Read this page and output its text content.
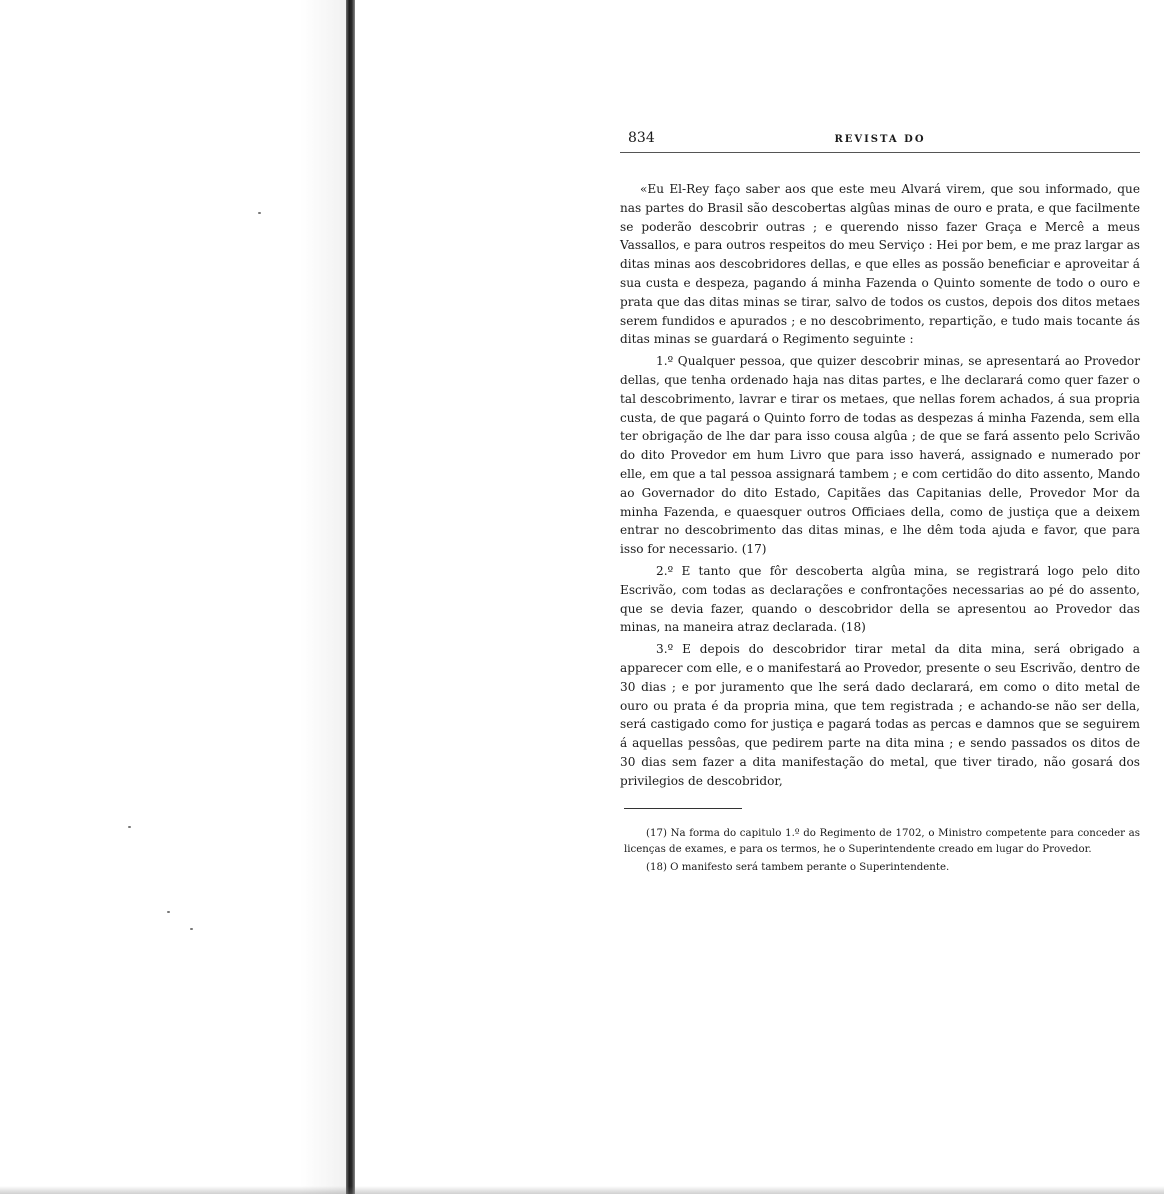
834	REVISTA DO

«Eu El-Rey faço saber aos que este meu Alvará virem, que sou informado, que nas partes do Brasil são descobertas algûas minas de ouro e prata, e que facilmente se poderão descobrir outras ; e querendo nisso fazer Graça e Mercê a meus Vassallos, e para outros respeitos do meu Serviço : Hei por bem, e me praz largar as ditas minas aos descobridores dellas, e que elles as possão beneficiar e aproveitar á sua custa e despeza, pagando á minha Fazenda o Quinto somente de todo o ouro e prata que das ditas minas se tirar, salvo de todos os custos, depois dos ditos metaes serem fundidos e apurados ; e no descobrimento, repartição, e tudo mais tocante ás ditas minas se guardará o Regimento seguinte :

1.º Qualquer pessoa, que quizer descobrir minas, se apresentará ao Provedor dellas, que tenha ordenado haja nas ditas partes, e lhe declarará como quer fazer o tal descobrimento, lavrar e tirar os metaes, que nellas forem achados, á sua propria custa, de que pagará o Quinto forro de todas as despezas á minha Fazenda, sem ella ter obrigação de lhe dar para isso cousa algûa ; de que se fará assento pelo Scrivão do dito Provedor em hum Livro que para isso haverá, assignado e numerado por elle, em que a tal pessoa assignará tambem ; e com certidão do dito assento, Mando ao Governador do dito Estado, Capitães das Capitanias delle, Provedor Mor da minha Fazenda, e quaesquer outros Officiaes della, como de justiça que a deixem entrar no descobrimento das ditas minas, e lhe dêm toda ajuda e favor, que para isso for necessario. (17)

2.º E tanto que fôr descoberta algûa mina, se registrará logo pelo dito Escrivão, com todas as declarações e confrontações necessarias ao pé do assento, que se devia fazer, quando o descobridor della se apresentou ao Provedor das minas, na maneira atraz declarada. (18)

3.º E depois do descobridor tirar metal da dita mina, será obrigado a apparecer com elle, e o manifestará ao Provedor, presente o seu Escrivão, dentro de 30 dias ; e por juramento que lhe será dado declarará, em como o dito metal de ouro ou prata é da propria mina, que tem registrada ; e achando-se não ser della, será castigado como for justiça e pagará todas as percas e damnos que se seguirem á aquellas pessôas, que pedirem parte na dita mina ; e sendo passados os ditos de 30 dias sem fazer a dita manifestação do metal, que tiver tirado, não gosará dos privilegios de descobridor,

(17) Na forma do capitulo 1.º do Regimento de 1702, o Ministro competente para conceder as licenças de exames, e para os termos, he o Superintendente creado em lugar do Provedor.

(18) O manifesto será tambem perante o Superintendente.
